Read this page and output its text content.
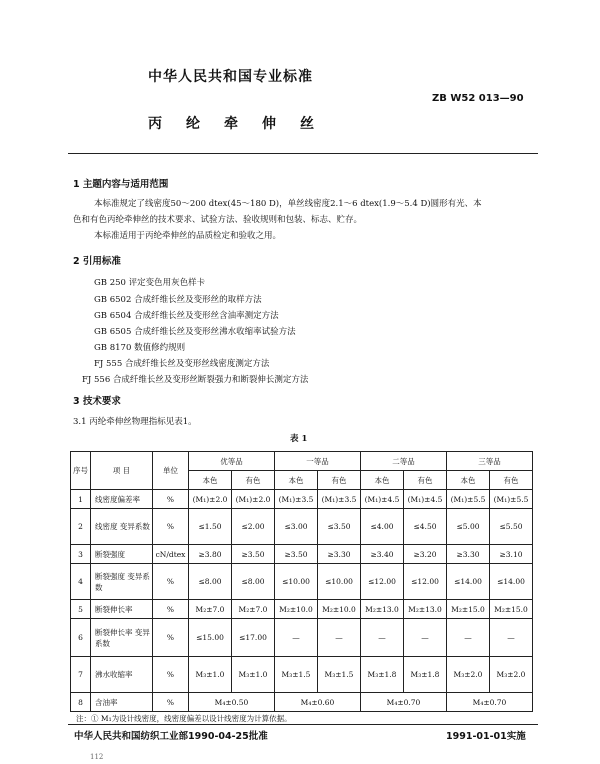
中华人民共和国专业标准
ZB W52 013—90
丙纶牵伸丝
1 主题内容与适用范围
本标准规定了线密度50～200 dtex(45～180 D)，单丝线密度2.1～6 dtex(1.9～5.4 D)圆形有光、本
色和有色丙纶牵伸丝的技术要求、试验方法、验收规则和包装、标志、贮存。
本标准适用于丙纶牵伸丝的品质检定和验收之用。
2 引用标准
GB 250 评定变色用灰色样卡
GB 6502 合成纤维长丝及变形丝的取样方法
GB 6504 合成纤维长丝及变形丝含油率测定方法
GB 6505 合成纤维长丝及变形丝沸水收缩率试验方法
GB 8170 数值修约规则
FJ 555 合成纤维长丝及变形丝线密度测定方法
FJ 556 合成纤维长丝及变形丝断裂强力和断裂伸长测定方法
3 技术要求
3.1 丙纶牵伸丝物理指标见表1。
表 1
序号	项 目	单位	优等品		一等品		二等品		三等品	
			本色	有色	本色	有色	本色	有色	本色	有色
1	线密度偏差率	%	(M₁)±2.0	(M₁)±2.0	(M₁)±3.5	(M₁)±3.5	(M₁)±4.5	(M₁)±4.5	(M₁)±5.5	(M₁)±5.5
2	线密度 变异系数	%	≤1.50	≤2.00	≤3.00	≤3.50	≤4.00	≤4.50	≤5.00	≤5.50
3	断裂强度	cN/dtex	≥3.80	≥3.50	≥3.50	≥3.30	≥3.40	≥3.20	≥3.30	≥3.10
4	断裂强度 变异系数	%	≤8.00	≤8.00	≤10.00	≤10.00	≤12.00	≤12.00	≤14.00	≤14.00
5	断裂伸长率	%	M₂±7.0	M₂±7.0	M₂±10.0	M₂±10.0	M₂±13.0	M₂±13.0	M₂±15.0	M₂±15.0
6	断裂伸长率 变异系数	%	≤15.00	≤17.00	—	—	—	—	—	—
7	沸水收缩率	%	M₃±1.0	M₃±1.0	M₃±1.5	M₃±1.5	M₃±1.8	M₃±1.8	M₃±2.0	M₃±2.0
8	含油率	%	M₄±0.50		M₄±0.60		M₄±0.70		M₄±0.70	
注：① M₁为设计线密度，线密度偏差以设计线密度为计算依据。
中华人民共和国纺织工业部1990-04-25批准	1991-01-01实施
112
